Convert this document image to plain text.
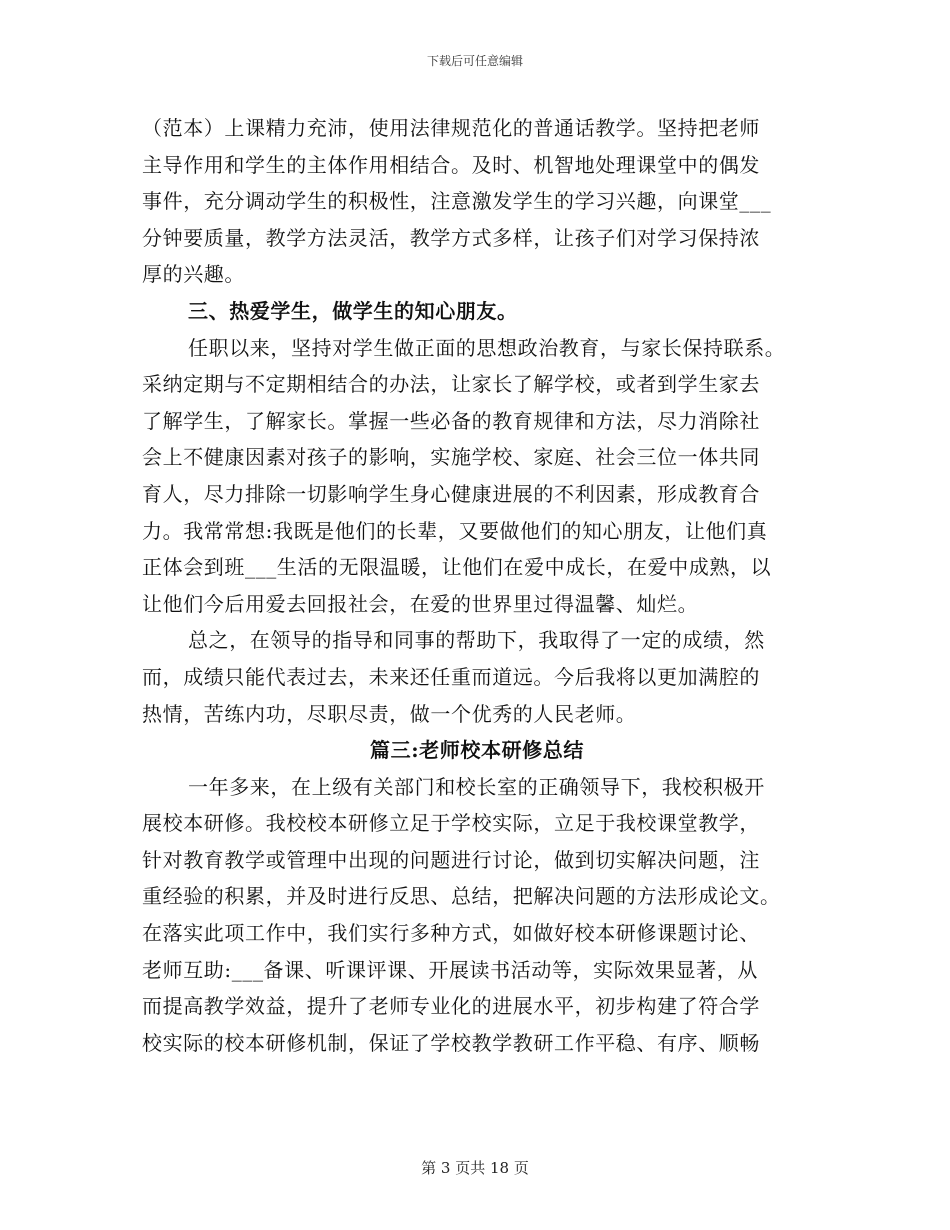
下载后可任意编辑
（范本）上课精力充沛，使用法律规范化的普通话教学。坚持把老师
主导作用和学生的主体作用相结合。及时、机智地处理课堂中的偶发
事件，充分调动学生的积极性，注意激发学生的学习兴趣，向课堂___
分钟要质量，教学方法灵活，教学方式多样，让孩子们对学习保持浓
厚的兴趣。
三、热爱学生，做学生的知心朋友。
任职以来，坚持对学生做正面的思想政治教育，与家长保持联系。
采纳定期与不定期相结合的办法，让家长了解学校，或者到学生家去
了解学生，了解家长。掌握一些必备的教育规律和方法，尽力消除社
会上不健康因素对孩子的影响，实施学校、家庭、社会三位一体共同
育人，尽力排除一切影响学生身心健康进展的不利因素，形成教育合
力。我常常想:我既是他们的长辈，又要做他们的知心朋友，让他们真
正体会到班___生活的无限温暖，让他们在爱中成长，在爱中成熟，以
让他们今后用爱去回报社会，在爱的世界里过得温馨、灿烂。
总之，在领导的指导和同事的帮助下，我取得了一定的成绩，然
而，成绩只能代表过去，未来还任重而道远。今后我将以更加满腔的
热情，苦练内功，尽职尽责，做一个优秀的人民老师。
篇三:老师校本研修总结
一年多来，在上级有关部门和校长室的正确领导下，我校积极开
展校本研修。我校校本研修立足于学校实际，立足于我校课堂教学，
针对教育教学或管理中出现的问题进行讨论，做到切实解决问题，注
重经验的积累，并及时进行反思、总结，把解决问题的方法形成论文。
在落实此项工作中，我们实行多种方式，如做好校本研修课题讨论、
老师互助:___备课、听课评课、开展读书活动等，实际效果显著，从
而提高教学效益，提升了老师专业化的进展水平，初步构建了符合学
校实际的校本研修机制，保证了学校教学教研工作平稳、有序、顺畅
第 3 页共 18 页
